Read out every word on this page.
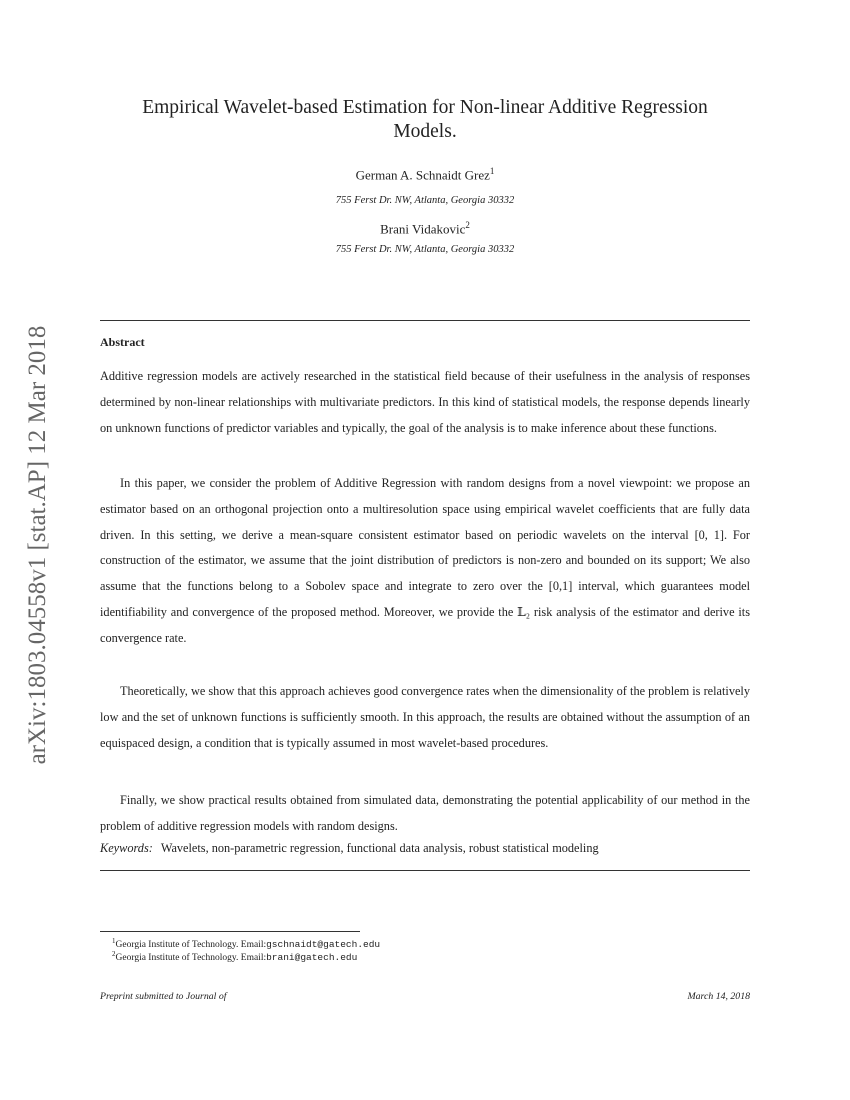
arXiv:1803.04558v1 [stat.AP] 12 Mar 2018
Empirical Wavelet-based Estimation for Non-linear Additive Regression
Models.
German A. Schnaidt Grez$^1$
755 Ferst Dr. NW, Atlanta, Georgia 30332
Brani Vidakovic$^2$
755 Ferst Dr. NW, Atlanta, Georgia 30332
Abstract

Additive regression models are actively researched in the statistical field because of their usefulness in the analysis of responses determined by non-linear relationships with multivariate predictors. In this kind of statistical models, the response depends linearly on unknown functions of predictor variables and typically, the goal of the analysis is to make inference about these functions.

In this paper, we consider the problem of Additive Regression with random designs from a novel viewpoint: we propose an estimator based on an orthogonal projection onto a multiresolution space using empirical wavelet coefficients that are fully data driven. In this setting, we derive a mean-square consistent estimator based on periodic wavelets on the interval [0, 1]. For construction of the estimator, we assume that the joint distribution of predictors is non-zero and bounded on its support; We also assume that the functions belong to a Sobolev space and integrate to zero over the [0,1] interval, which guarantees model identifiability and convergence of the proposed method. Moreover, we provide the 𝕃₂ risk analysis of the estimator and derive its convergence rate.

Theoretically, we show that this approach achieves good convergence rates when the dimensionality of the problem is relatively low and the set of unknown functions is sufficiently smooth. In this approach, the results are obtained without the assumption of an equispaced design, a condition that is typically assumed in most wavelet-based procedures.

Finally, we show practical results obtained from simulated data, demonstrating the potential applicability of our method in the problem of additive regression models with random designs.

Keywords: Wavelets, non-parametric regression, functional data analysis, robust statistical modeling
$^1$Georgia Institute of Technology. Email:gschnaidt@gatech.edu
$^2$Georgia Institute of Technology. Email:brani@gatech.edu
Preprint submitted to Journal of	March 14, 2018
